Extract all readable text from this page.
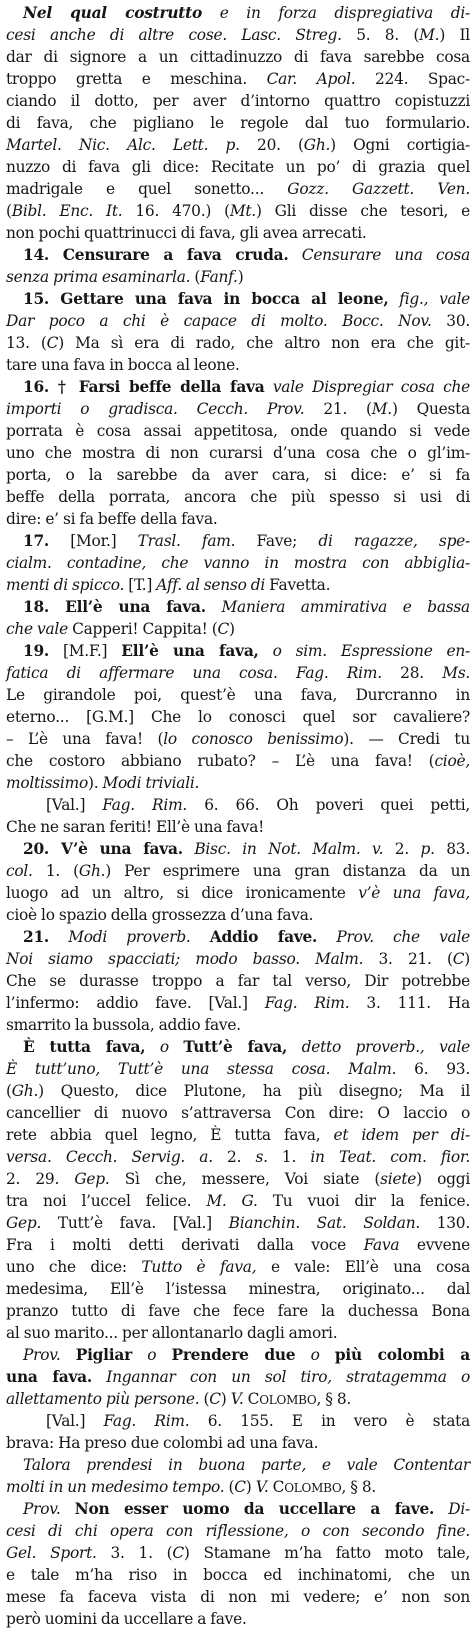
Nel qual costrutto e in forza dispregiativa di-
cesi anche di altre cose. Lasc. Streg. 5. 8. (M.) Il
dar di signore a un cittadinuzzo di fava sarebbe cosa
troppo gretta e meschina. Car. Apol. 224. Spac-
ciando il dotto, per aver d’intorno quattro copistuzzi
di fava, che pigliano le regole dal tuo formulario.
Martel. Nic. Alc. Lett. p. 20. (Gh.) Ogni cortigia-
nuzzo di fava gli dice: Recitate un po’ di grazia quel
madrigale e quel sonetto... Gozz. Gazzett. Ven.
(Bibl. Enc. It. 16. 470.) (Mt.) Gli disse che tesori, e
non pochi quattrinucci di fava, gli avea arrecati.
14. Censurare a fava cruda. Censurare una cosa
senza prima esaminarla. (Fanf.)
15. Gettare una fava in bocca al leone, fig., vale
Dar poco a chi è capace di molto. Bocc. Nov. 30.
13. (C) Ma sì era di rado, che altro non era che git-
tare una fava in bocca al leone.
16. † Farsi beffe della fava vale Dispregiar cosa che
importi o gradisca. Cecch. Prov. 21. (M.) Questa
porrata è cosa assai appetitosa, onde quando si vede
uno che mostra di non curarsi d’una cosa che o gl’im-
porta, o la sarebbe da aver cara, si dice: e’ si fa
beffe della porrata, ancora che più spesso si usi di
dire: e’ si fa beffe della fava.
17. [Mor.] Trasl. fam. Fave; di ragazze, spe-
cialm. contadine, che vanno in mostra con abbiglia-
menti di spicco. [T.] Aff. al senso di Favetta.
18. Ell’è una fava. Maniera ammirativa e bassa
che vale Capperi! Cappita! (C)
19. [M.F.] Ell’è una fava, o sim. Espressione en-
fatica di affermare una cosa. Fag. Rim. 28. Ms.
Le girandole poi, quest’è una fava, Durcranno in
eterno... [G.M.] Che lo conosci quel sor cavaliere?
– L’è una fava! (lo conosco benissimo). — Credi tu
che costoro abbiano rubato? – L’è una fava! (cioè,
moltissimo). Modi triviali.
[Val.] Fag. Rim. 6. 66. Oh poveri quei petti,
Che ne saran feriti! Ell’è una fava!
20. V’è una fava. Bisc. in Not. Malm. v. 2. p. 83.
col. 1. (Gh.) Per esprimere una gran distanza da un
luogo ad un altro, si dice ironicamente v’è una fava,
cioè lo spazio della grossezza d’una fava.
21. Modi proverb. Addio fave. Prov. che vale
Noi siamo spacciati; modo basso. Malm. 3. 21. (C)
Che se durasse troppo a far tal verso, Dir potrebbe
l’infermo: addio fave. [Val.] Fag. Rim. 3. 111. Ha
smarrito la bussola, addio fave.
È tutta fava, o Tutt’è fava, detto proverb., vale
È tutt’uno, Tutt’è una stessa cosa. Malm. 6. 93.
(Gh.) Questo, dice Plutone, ha più disegno; Ma il
cancellier di nuovo s’attraversa Con dire: O laccio o
rete abbia quel legno, È tutta fava, et idem per di-
versa. Cecch. Servig. a. 2. s. 1. in Teat. com. fior.
2. 29. Gep. Sì che, messere, Voi siate (siete) oggi
tra noi l’uccel felice. M. G. Tu vuoi dir la fenice.
Gep. Tutt’è fava. [Val.] Bianchin. Sat. Soldan. 130.
Fra i molti detti derivati dalla voce Fava evvene
uno che dice: Tutto è fava, e vale: Ell’è una cosa
medesima, Ell’è l’istessa minestra, originato... dal
pranzo tutto di fave che fece fare la duchessa Bona
al suo marito... per allontanarlo dagli amori.
Prov. Pigliar o Prendere due o più colombi a
una fava. Ingannar con un sol tiro, stratagemma o
allettamento più persone. (C) V. COLOMBO, § 8.
[Val.] Fag. Rim. 6. 155. E in vero è stata
brava: Ha preso due colombi ad una fava.
Talora prendesi in buona parte, e vale Contentar
molti in un medesimo tempo. (C) V. COLOMBO, § 8.
Prov. Non esser uomo da uccellare a fave. Di-
cesi di chi opera con riflessione, o con secondo fine.
Gel. Sport. 3. 1. (C) Stamane m’ha fatto moto tale,
e tale m’ha riso in bocca ed inchinatomi, che un
mese fa faceva vista di non mi vedere; e’ non son
però uomini da uccellare a fave.
